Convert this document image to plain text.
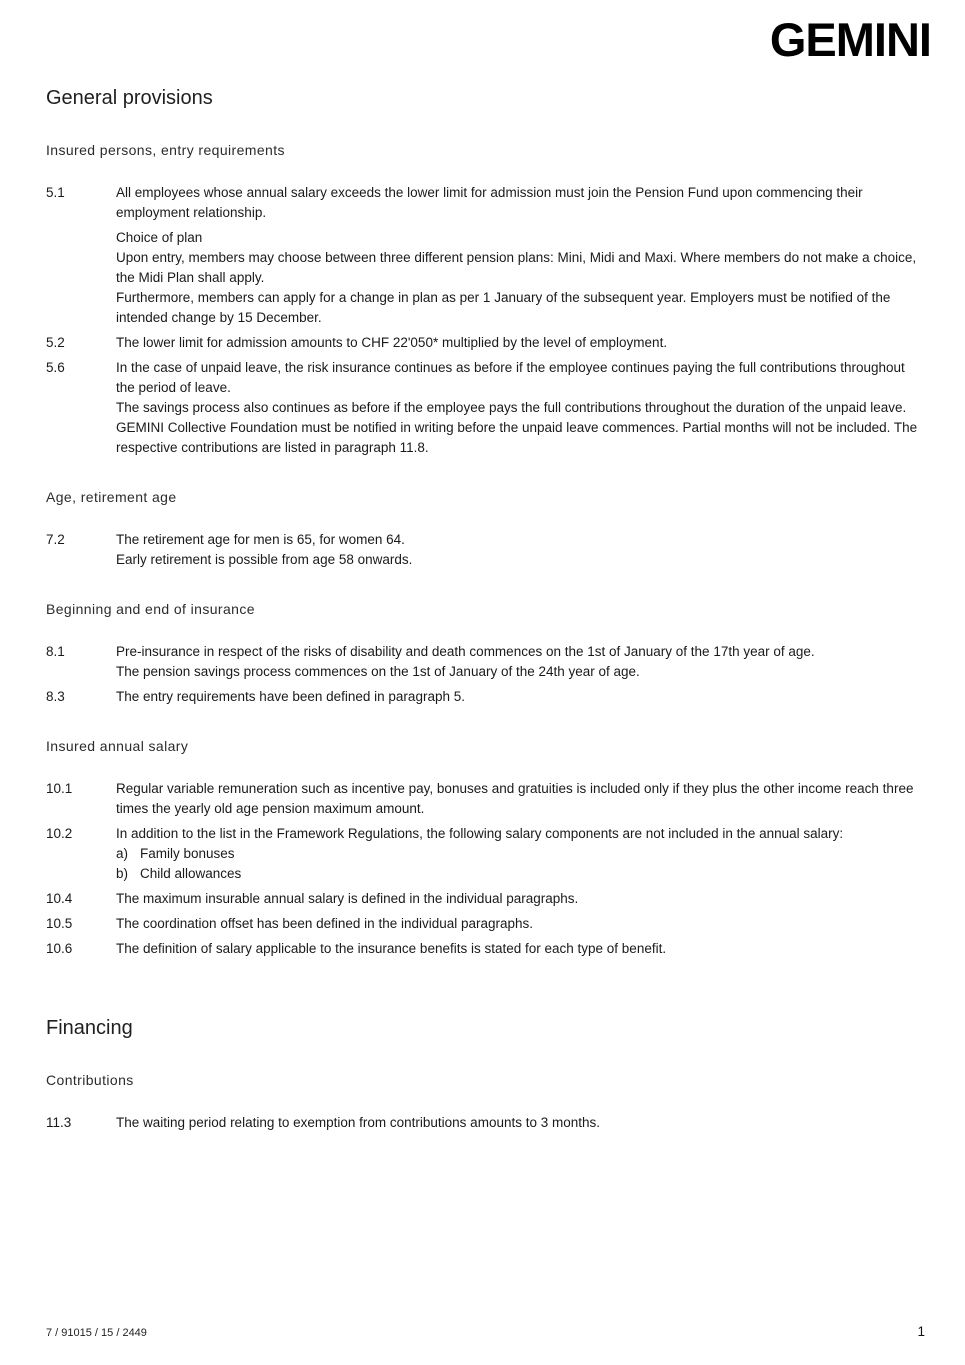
GEMINI
General provisions
Insured persons, entry requirements
5.1	All employees whose annual salary exceeds the lower limit for admission must join the Pension Fund upon commencing their employment relationship.

Choice of plan

Upon entry, members may choose between three different pension plans: Mini, Midi and Maxi. Where members do not make a choice, the Midi Plan shall apply.

Furthermore, members can apply for a change in plan as per 1 January of the subsequent year. Employers must be notified of the intended change by 15 December.

5.2	The lower limit for admission amounts to CHF 22'050* multiplied by the level of employment.

5.6	In the case of unpaid leave, the risk insurance continues as before if the employee continues paying the full contributions throughout the period of leave.

The savings process also continues as before if the employee pays the full contributions throughout the duration of the unpaid leave.

GEMINI Collective Foundation must be notified in writing before the unpaid leave commences. Partial months will not be included. The respective contributions are listed in paragraph 11.8.

Age, retirement age
7.2	The retirement age for men is 65, for women 64.

Early retirement is possible from age 58 onwards.

Beginning and end of insurance
8.1	Pre-insurance in respect of the risks of disability and death commences on the 1st of January of the 17th year of age.

The pension savings process commences on the 1st of January of the 24th year of age.

8.3	The entry requirements have been defined in paragraph 5.

Insured annual salary
10.1	Regular variable remuneration such as incentive pay, bonuses and gratuities is included only if they plus the other income reach three times the yearly old age pension maximum amount.

10.2	In addition to the list in the Framework Regulations, the following salary components are not included in the annual salary:

a) Family bonuses
b) Child allowances
10.4	The maximum insurable annual salary is defined in the individual paragraphs.

10.5	The coordination offset has been defined in the individual paragraphs.

10.6	The definition of salary applicable to the insurance benefits is stated for each type of benefit.

Financing
Contributions
11.3	The waiting period relating to exemption from contributions amounts to 3 months.

7 / 91015 / 15 / 2449	1
